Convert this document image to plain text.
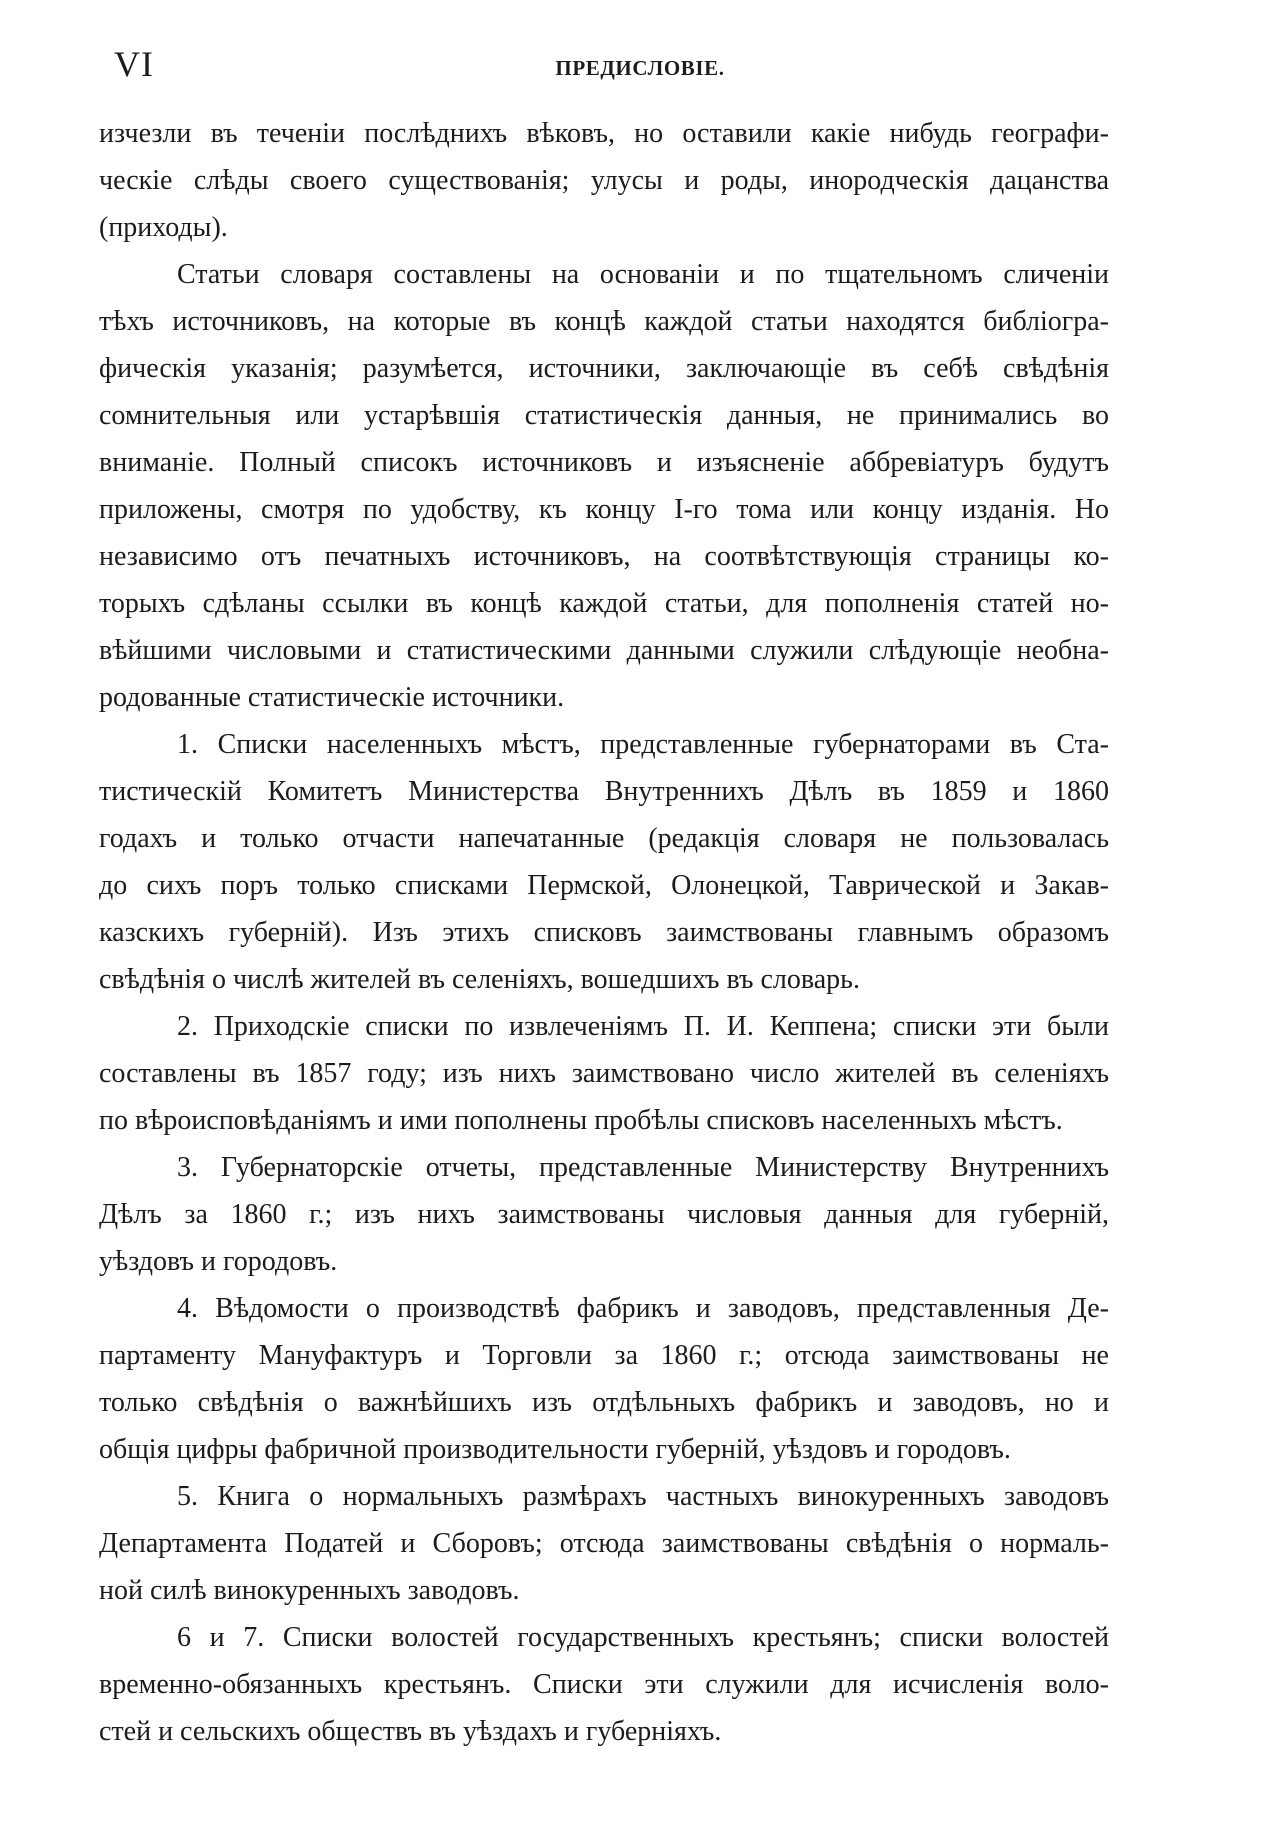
VI	ПРЕДИСЛОВІЕ.
изчезли въ теченіи послѣднихъ вѣковъ, но оставили какіе нибудь географи-
ческіе слѣды своего существованія; улусы и роды, инородческія дацанства
(приходы).
Статьи словаря составлены на основаніи и по тщательномъ сличеніи
тѣхъ источниковъ, на которые въ концѣ каждой статьи находятся библіогра-
фическія указанія; разумѣется, источники, заключающіе въ себѣ свѣдѣнія
сомнительныя или устарѣвшія статистическія данныя, не принимались во
вниманіе. Полный списокъ источниковъ и изъясненіе аббревіатуръ будутъ
приложены, смотря по удобству, къ концу I-го тома или концу изданія. Но
независимо отъ печатныхъ источниковъ, на соотвѣтствующія страницы ко-
торыхъ сдѣланы ссылки въ концѣ каждой статьи, для пополненія статей но-
вѣйшими числовыми и статистическими данными служили слѣдующіе необна-
родованные статистическіе источники.
1. Списки населенныхъ мѣстъ, представленные губернаторами въ Ста-
тистическій Комитетъ Министерства Внутреннихъ Дѣлъ въ 1859 и 1860
годахъ и только отчасти напечатанные (редакція словаря не пользовалась
до сихъ поръ только списками Пермской, Олонецкой, Таврической и Закав-
казскихъ губерній). Изъ этихъ списковъ заимствованы главнымъ образомъ
свѣдѣнія о числѣ жителей въ селеніяхъ, вошедшихъ въ словарь.
2. Приходскіе списки по извлеченіямъ П. И. Кеппена; списки эти были
составлены въ 1857 году; изъ нихъ заимствовано число жителей въ селеніяхъ
по вѣроисповѣданіямъ и ими пополнены пробѣлы списковъ населенныхъ мѣстъ.
3. Губернаторскіе отчеты, представленные Министерству Внутреннихъ
Дѣлъ за 1860 г.; изъ нихъ заимствованы числовыя данныя для губерній,
уѣздовъ и городовъ.
4. Вѣдомости о производствѣ фабрикъ и заводовъ, представленныя Де-
партаменту Мануфактуръ и Торговли за 1860 г.; отсюда заимствованы не
только свѣдѣнія о важнѣйшихъ изъ отдѣльныхъ фабрикъ и заводовъ, но и
общія цифры фабричной производительности губерній, уѣздовъ и городовъ.
5. Книга о нормальныхъ размѣрахъ частныхъ винокуренныхъ заводовъ
Департамента Податей и Сборовъ; отсюда заимствованы свѣдѣнія о нормаль-
ной силѣ винокуренныхъ заводовъ.
6 и 7. Списки волостей государственныхъ крестьянъ; списки волостей
временно-обязанныхъ крестьянъ. Списки эти служили для исчисленія воло-
стей и сельскихъ обществъ въ уѣздахъ и губерніяхъ.
